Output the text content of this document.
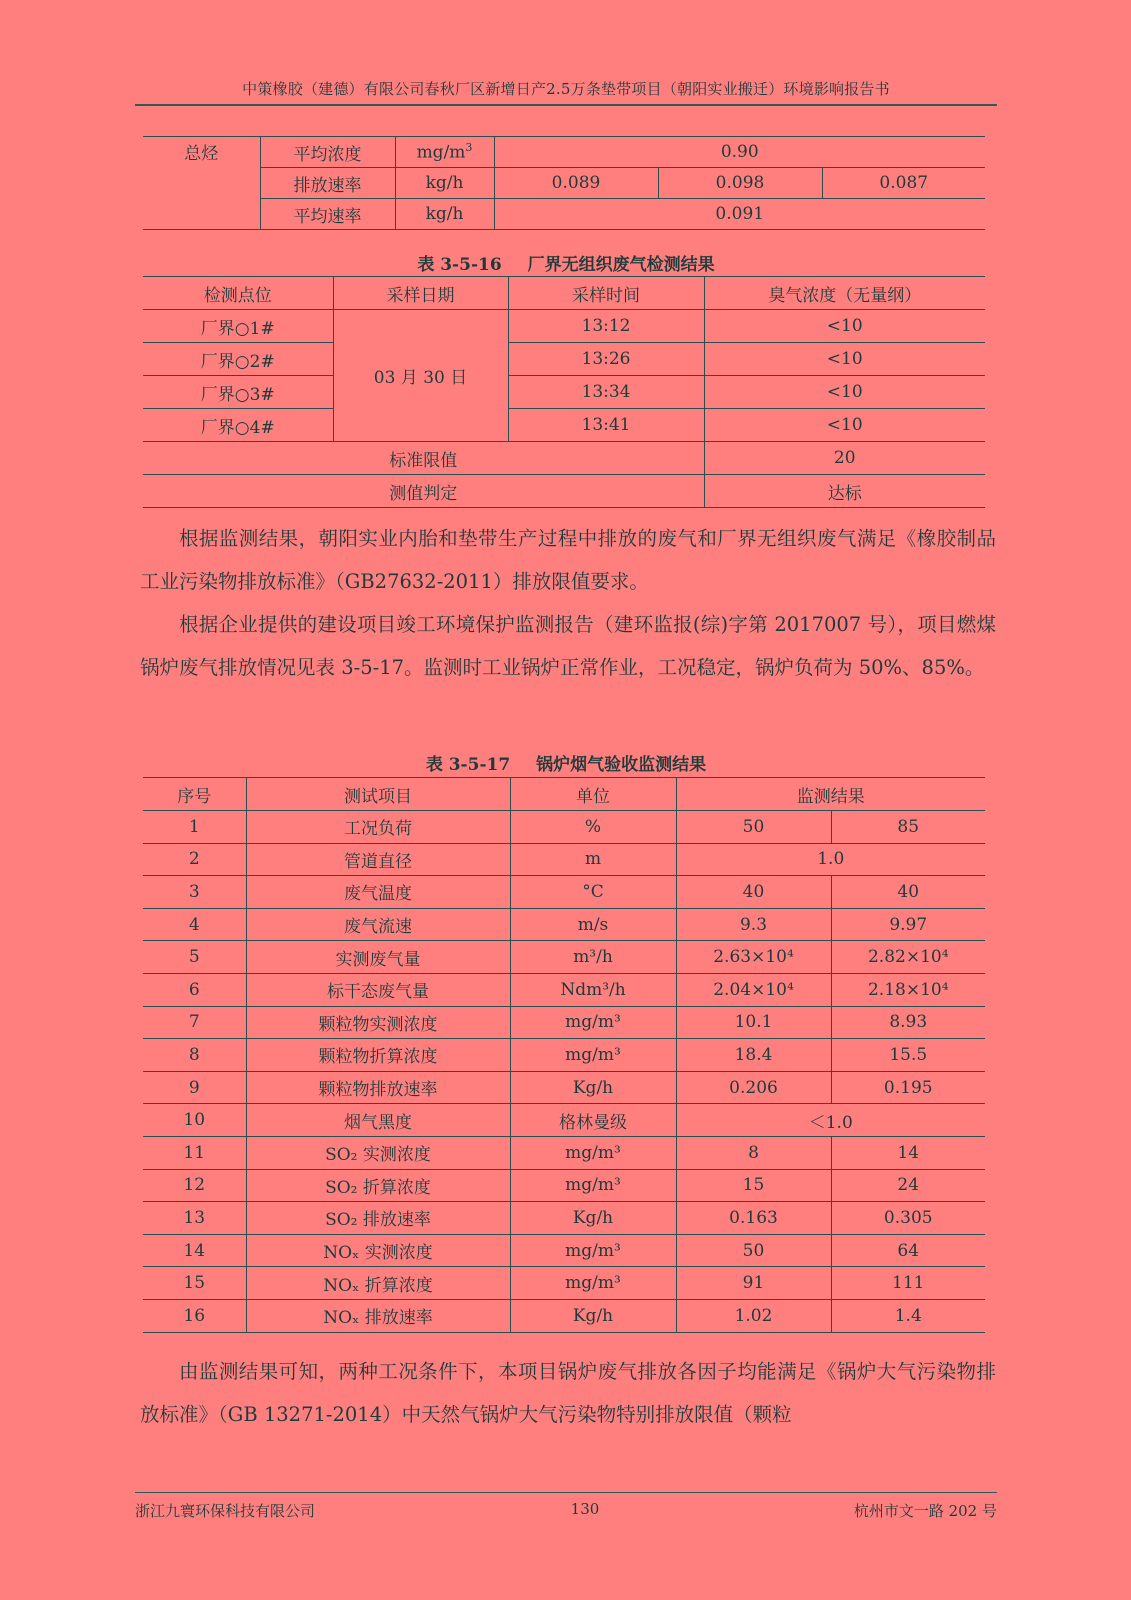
中策橡胶（建德）有限公司春秋厂区新增日产2.5万条垫带项目（朝阳实业搬迁）环境影响报告书
总烃	平均浓度	$mg/m^3$	0.90		
	排放速率	kg/h	0.089	0.098	0.087
	平均速率	kg/h	0.091		
表 3-5-16 厂界无组织废气检测结果
检测点位	采样日期	采样时间	臭气浓度（无量纲）
厂界○1#	03 月 30 日	13:12	<10
厂界○2#		13:26	<10
厂界○3#		13:34	<10
厂界○4#		13:41	<10
标准限值			20
测值判定			达标

根据监测结果，朝阳实业内胎和垫带生产过程中排放的废气和厂界无组织废气满足《橡胶制品工业污染物排放标准》（GB27632-2011）排放限值要求。

根据企业提供的建设项目竣工环境保护监测报告（建环监报(综)字第 2017007 号），项目燃煤锅炉废气排放情况见表 3-5-17。监测时工业锅炉正常作业，工况稳定，锅炉负荷为 50%、85%。

表 3-5-17 锅炉烟气验收监测结果
序号	测试项目	单位	监测结果	
1	工况负荷	%	50	85
2	管道直径	m	1.0	
3	废气温度	°C	40	40
4	废气流速	m/s	9.3	9.97
5	实测废气量	m³/h	2.63×10⁴	2.82×10⁴
6	标干态废气量	Ndm³/h	2.04×10⁴	2.18×10⁴
7	颗粒物实测浓度	mg/m³	10.1	8.93
8	颗粒物折算浓度	mg/m³	18.4	15.5
9	颗粒物排放速率	Kg/h	0.206	0.195
10	烟气黑度	格林曼级	＜1.0	
11	SO₂ 实测浓度	mg/m³	8	14
12	SO₂ 折算浓度	mg/m³	15	24
13	SO₂ 排放速率	Kg/h	0.163	0.305
14	NOₓ 实测浓度	mg/m³	50	64
15	NOₓ 折算浓度	mg/m³	91	111
16	NOₓ 排放速率	Kg/h	1.02	1.4

由监测结果可知，两种工况条件下，本项目锅炉废气排放各因子均能满足《锅炉大气污染物排放标准》（GB 13271-2014）中天然气锅炉大气污染物特别排放限值（颗粒

浙江九寰环保科技有限公司	130	杭州市文一路 202 号
